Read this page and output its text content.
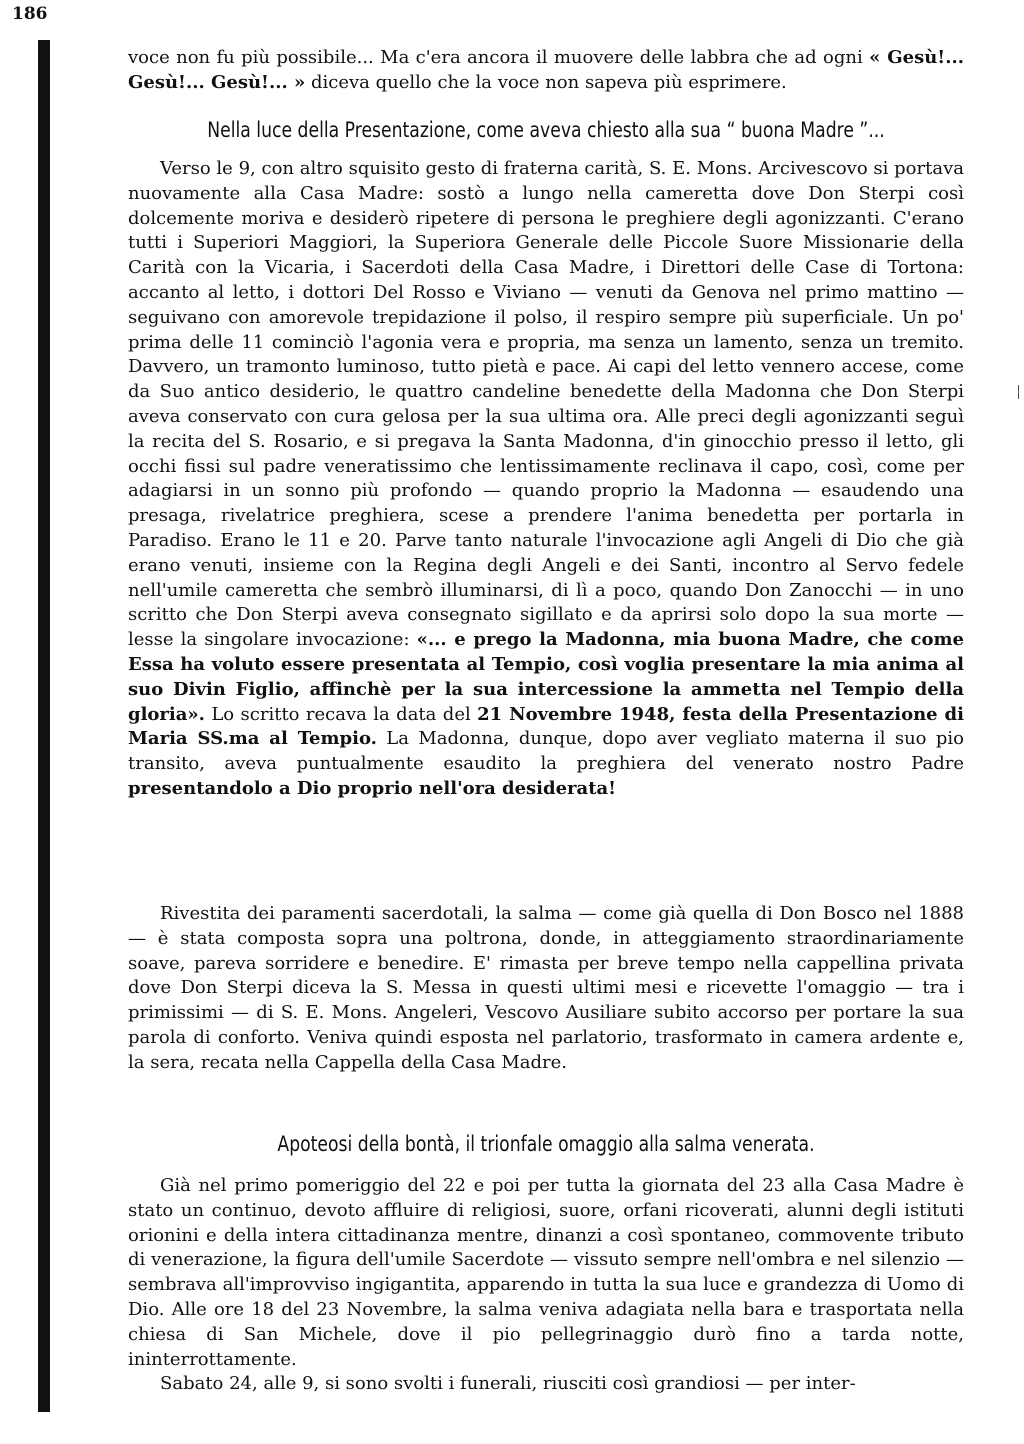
186

voce non fu più possibile... Ma c'era ancora il muovere delle labbra che ad ogni « Gesù!... Gesù!... Gesù!... » diceva quello che la voce non sapeva più esprimere.

Nella luce della Presentazione, come aveva chiesto alla sua “ buona Madre ”...

Verso le 9, con altro squisito gesto di fraterna carità, S. E. Mons. Arcivescovo si portava nuovamente alla Casa Madre: sostò a lungo nella cameretta dove Don Sterpi così dolcemente moriva e desiderò ripetere di persona le preghiere degli agonizzanti. C'erano tutti i Superiori Maggiori, la Superiora Generale delle Piccole Suore Missionarie della Carità con la Vicaria, i Sacerdoti della Casa Madre, i Direttori delle Case di Tortona: accanto al letto, i dottori Del Rosso e Viviano — venuti da Genova nel primo mattino — seguivano con amorevole trepidazione il polso, il respiro sempre più superficiale. Un po' prima delle 11 cominciò l'agonia vera e propria, ma senza un lamento, senza un tremito. Davvero, un tramonto luminoso, tutto pietà e pace. Ai capi del letto vennero accese, come da Suo antico desiderio, le quattro candeline benedette della Madonna che Don Sterpi aveva conservato con cura gelosa per la sua ultima ora. Alle preci degli agonizzanti seguì la recita del S. Rosario, e si pregava la Santa Madonna, d'in ginocchio presso il letto, gli occhi fissi sul padre veneratissimo che lentissimamente reclinava il capo, così, come per adagiarsi in un sonno più profondo — quando proprio la Madonna — esaudendo una presaga, rivelatrice preghiera, scese a prendere l'anima benedetta per portarla in Paradiso. Erano le 11 e 20. Parve tanto naturale l'invocazione agli Angeli di Dio che già erano venuti, insieme con la Regina degli Angeli e dei Santi, incontro al Servo fedele nell'umile cameretta che sembrò illuminarsi, di lì a poco, quando Don Zanocchi — in uno scritto che Don Sterpi aveva consegnato sigillato e da aprirsi solo dopo la sua morte — lesse la singolare invocazione: «... e prego la Madonna, mia buona Madre, che come Essa ha voluto essere presentata al Tempio, così voglia presentare la mia anima al suo Divin Figlio, affinchè per la sua intercessione la ammetta nel Tempio della gloria». Lo scritto recava la data del 21 Novembre 1948, festa della Presentazione di Maria SS.ma al Tempio. La Madonna, dunque, dopo aver vegliato materna il suo pio transito, aveva puntualmente esaudito la preghiera del venerato nostro Padre presentandolo a Dio proprio nell'ora desiderata!

Rivestita dei paramenti sacerdotali, la salma — come già quella di Don Bosco nel 1888 — è stata composta sopra una poltrona, donde, in atteggiamento straordinariamente soave, pareva sorridere e benedire. E' rimasta per breve tempo nella cappellina privata dove Don Sterpi diceva la S. Messa in questi ultimi mesi e ricevette l'omaggio — tra i primissimi — di S. E. Mons. Angeleri, Vescovo Ausiliare subito accorso per portare la sua parola di conforto. Veniva quindi esposta nel parlatorio, trasformato in camera ardente e, la sera, recata nella Cappella della Casa Madre.

Apoteosi della bontà, il trionfale omaggio alla salma venerata.

Già nel primo pomeriggio del 22 e poi per tutta la giornata del 23 alla Casa Madre è stato un continuo, devoto affluire di religiosi, suore, orfani ricoverati, alunni degli istituti orionini e della intera cittadinanza mentre, dinanzi a così spontaneo, commovente tributo di venerazione, la figura dell'umile Sacerdote — vissuto sempre nell'ombra e nel silenzio — sembrava all'improvviso ingigantita, apparendo in tutta la sua luce e grandezza di Uomo di Dio. Alle ore 18 del 23 Novembre, la salma veniva adagiata nella bara e trasportata nella chiesa di San Michele, dove il pio pellegrinaggio durò fino a tarda notte, ininterrottamente.

Sabato 24, alle 9, si sono svolti i funerali, riusciti così grandiosi — per inter-
